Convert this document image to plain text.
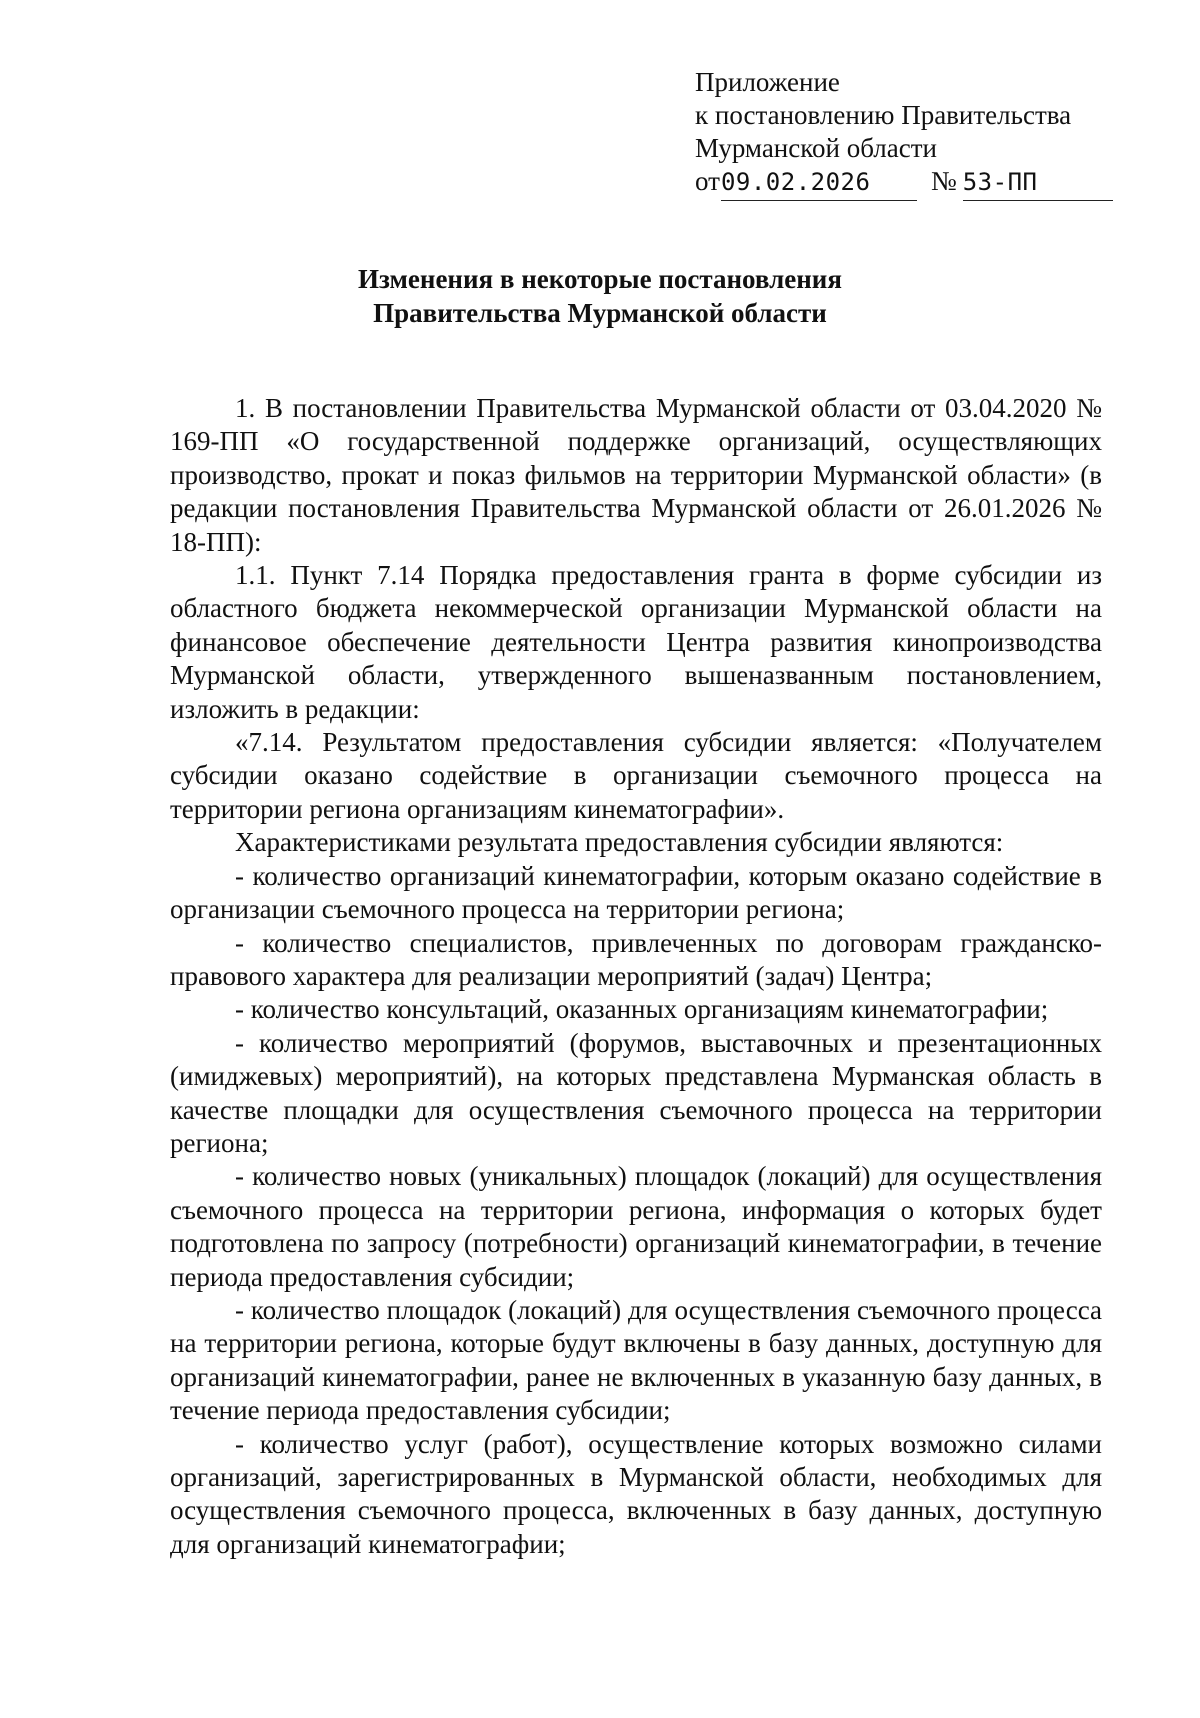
Приложение
к постановлению Правительства
Мурманской области
от09.02.2026 № 53-ПП
Изменения в некоторые постановления
Правительства Мурманской области

1. В постановлении Правительства Мурманской области от 03.04.2020 № 169-ПП «О государственной поддержке организаций, осуществляющих производство, прокат и показ фильмов на территории Мурманской области» (в редакции постановления Правительства Мурманской области от 26.01.2026 № 18-ПП):

1.1. Пункт 7.14 Порядка предоставления гранта в форме субсидии из областного бюджета некоммерческой организации Мурманской области на финансовое обеспечение деятельности Центра развития кинопроизводства Мурманской области, утвержденного вышеназванным постановлением, изложить в редакции:

«7.14. Результатом предоставления субсидии является: «Получателем субсидии оказано содействие в организации съемочного процесса на территории региона организациям кинематографии».

Характеристиками результата предоставления субсидии являются:

- количество организаций кинематографии, которым оказано содействие в организации съемочного процесса на территории региона;

- количество специалистов, привлеченных по договорам гражданско-правового характера для реализации мероприятий (задач) Центра;

- количество консультаций, оказанных организациям кинематографии;

- количество мероприятий (форумов, выставочных и презентационных (имиджевых) мероприятий), на которых представлена Мурманская область в качестве площадки для осуществления съемочного процесса на территории региона;

- количество новых (уникальных) площадок (локаций) для осуществления съемочного процесса на территории региона, информация о которых будет подготовлена по запросу (потребности) организаций кинематографии, в течение периода предоставления субсидии;

- количество площадок (локаций) для осуществления съемочного процесса на территории региона, которые будут включены в базу данных, доступную для организаций кинематографии, ранее не включенных в указанную базу данных, в течение периода предоставления субсидии;

- количество услуг (работ), осуществление которых возможно силами организаций, зарегистрированных в Мурманской области, необходимых для осуществления съемочного процесса, включенных в базу данных, доступную для организаций кинематографии;
